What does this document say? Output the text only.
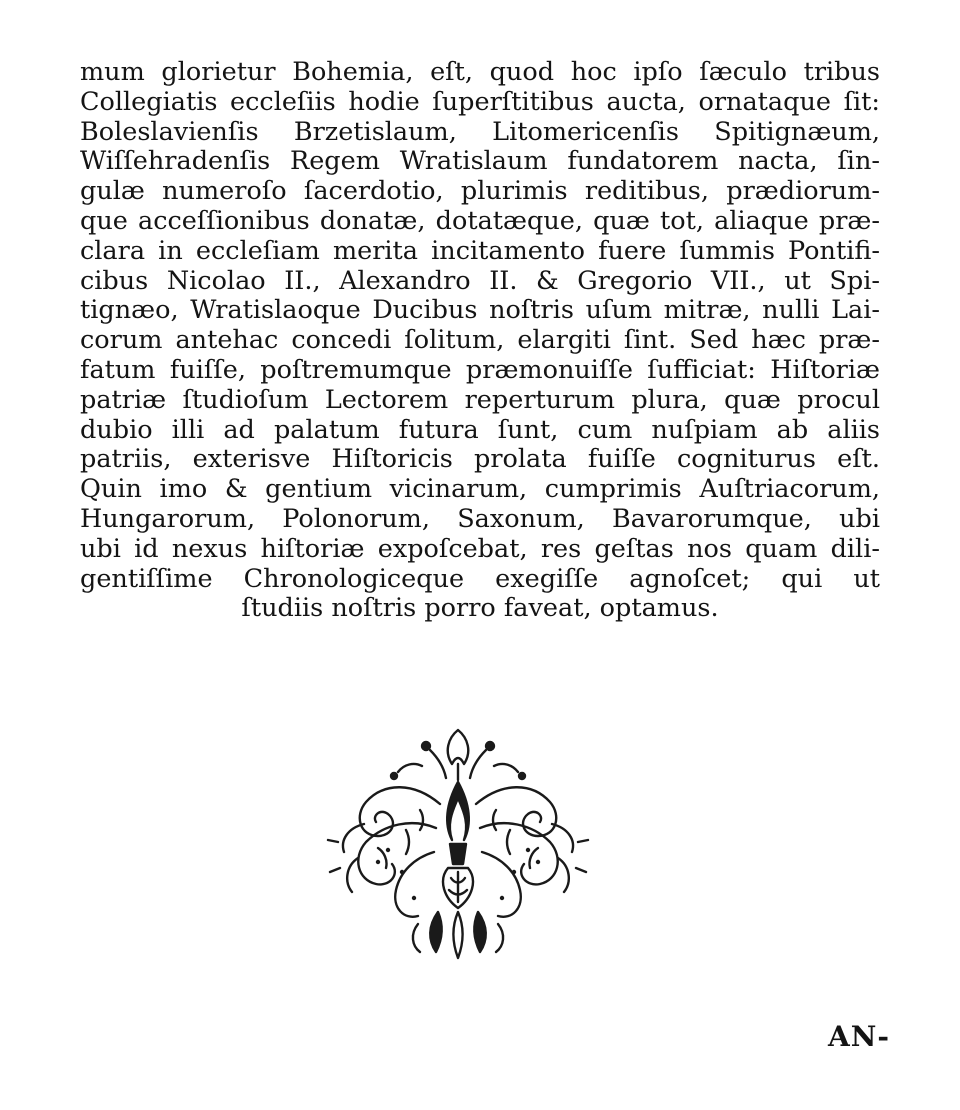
mum glorietur Bohemia, eſt, quod hoc ipſo ſæculo tribus
Collegiatis eccleſiis hodie ſuperſtitibus aucta, ornataque ſit:
Boleslavienſis Brzetislaum, Litomericenſis Spitignæum,
Wiſſehradenſis Regem Wratislaum fundatorem nacta, ſin-
gulæ numeroſo ſacerdotio, plurimis reditibus, prædiorum-
que acceſſionibus donatæ, dotatæque, quæ tot, aliaque præ-
clara in eccleſiam merita incitamento fuere ſummis Pontifi-
cibus Nicolao II., Alexandro II. & Gregorio VII., ut Spi-
tignæo, Wratislaoque Ducibus noſtris uſum mitræ, nulli Lai-
corum antehac concedi ſolitum, elargiti ſint. Sed hæc præ-
fatum fuiſſe, poſtremumque præmonuiſſe ſufficiat: Hiſtoriæ
patriæ ſtudioſum Lectorem reperturum plura, quæ procul
dubio illi ad palatum futura ſunt, cum nuſpiam ab aliis
patriis, exterisve Hiſtoricis prolata fuiſſe cogniturus eſt.
Quin imo & gentium vicinarum, cumprimis Auſtriacorum,
Hungarorum, Polonorum, Saxonum, Bavarorumque, ubi
ubi id nexus hiſtoriæ expoſcebat, res geſtas nos quam dili-
gentiſſime Chronologiceque exegiſſe agnoſcet; qui ut
ſtudiis noſtris porro faveat, optamus.
AN-
